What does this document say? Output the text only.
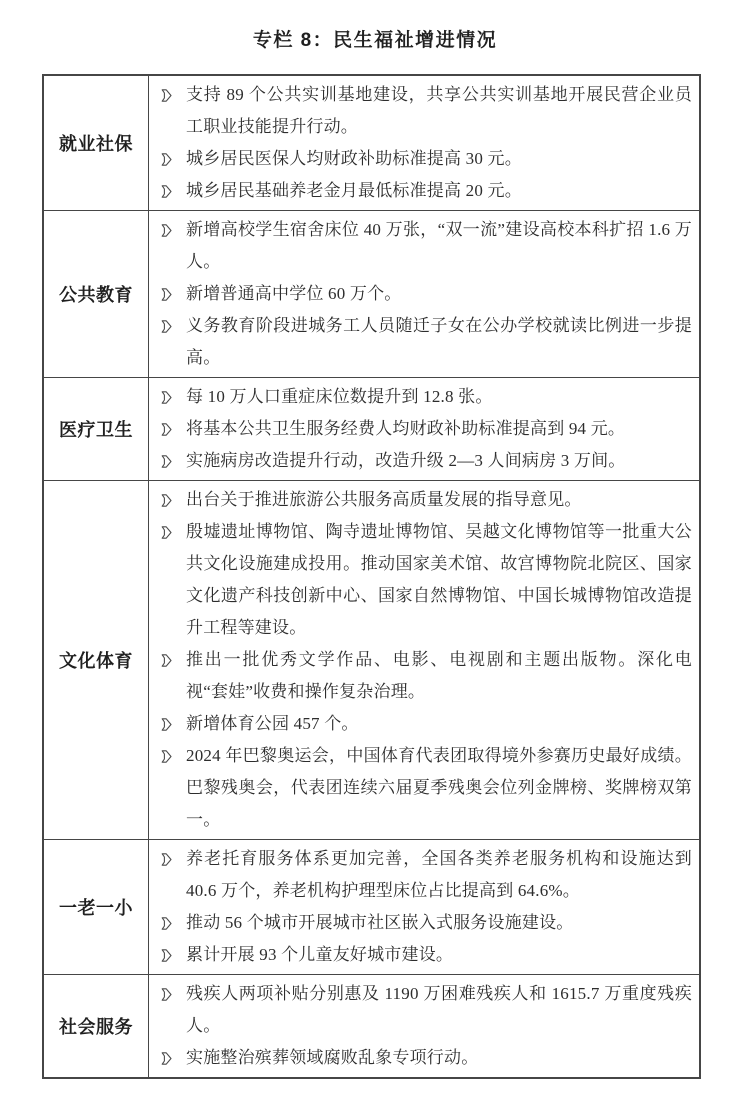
专栏 8：民生福祉增进情况
就业社保

支持 89 个公共实训基地建设，共享公共实训基地开展民营企业员工职业技能提升行动。

城乡居民医保人均财政补助标准提高 30 元。

城乡居民基础养老金月最低标准提高 20 元。

公共教育

新增高校学生宿舍床位 40 万张，“双一流”建设高校本科扩招 1.6 万人。

新增普通高中学位 60 万个。

义务教育阶段进城务工人员随迁子女在公办学校就读比例进一步提高。

医疗卫生

每 10 万人口重症床位数提升到 12.8 张。

将基本公共卫生服务经费人均财政补助标准提高到 94 元。

实施病房改造提升行动，改造升级 2—3 人间病房 3 万间。

文化体育

出台关于推进旅游公共服务高质量发展的指导意见。

殷墟遗址博物馆、陶寺遗址博物馆、吴越文化博物馆等一批重大公共文化设施建成投用。推动国家美术馆、故宫博物院北院区、国家文化遗产科技创新中心、国家自然博物馆、中国长城博物馆改造提升工程等建设。

推出一批优秀文学作品、电影、电视剧和主题出版物。深化电视“套娃”收费和操作复杂治理。

新增体育公园 457 个。

2024 年巴黎奥运会，中国体育代表团取得境外参赛历史最好成绩。巴黎残奥会，代表团连续六届夏季残奥会位列金牌榜、奖牌榜双第一。

一老一小

养老托育服务体系更加完善，全国各类养老服务机构和设施达到 40.6 万个，养老机构护理型床位占比提高到 64.6%。

推动 56 个城市开展城市社区嵌入式服务设施建设。

累计开展 93 个儿童友好城市建设。

社会服务

残疾人两项补贴分别惠及 1190 万困难残疾人和 1615.7 万重度残疾人。

实施整治殡葬领域腐败乱象专项行动。
